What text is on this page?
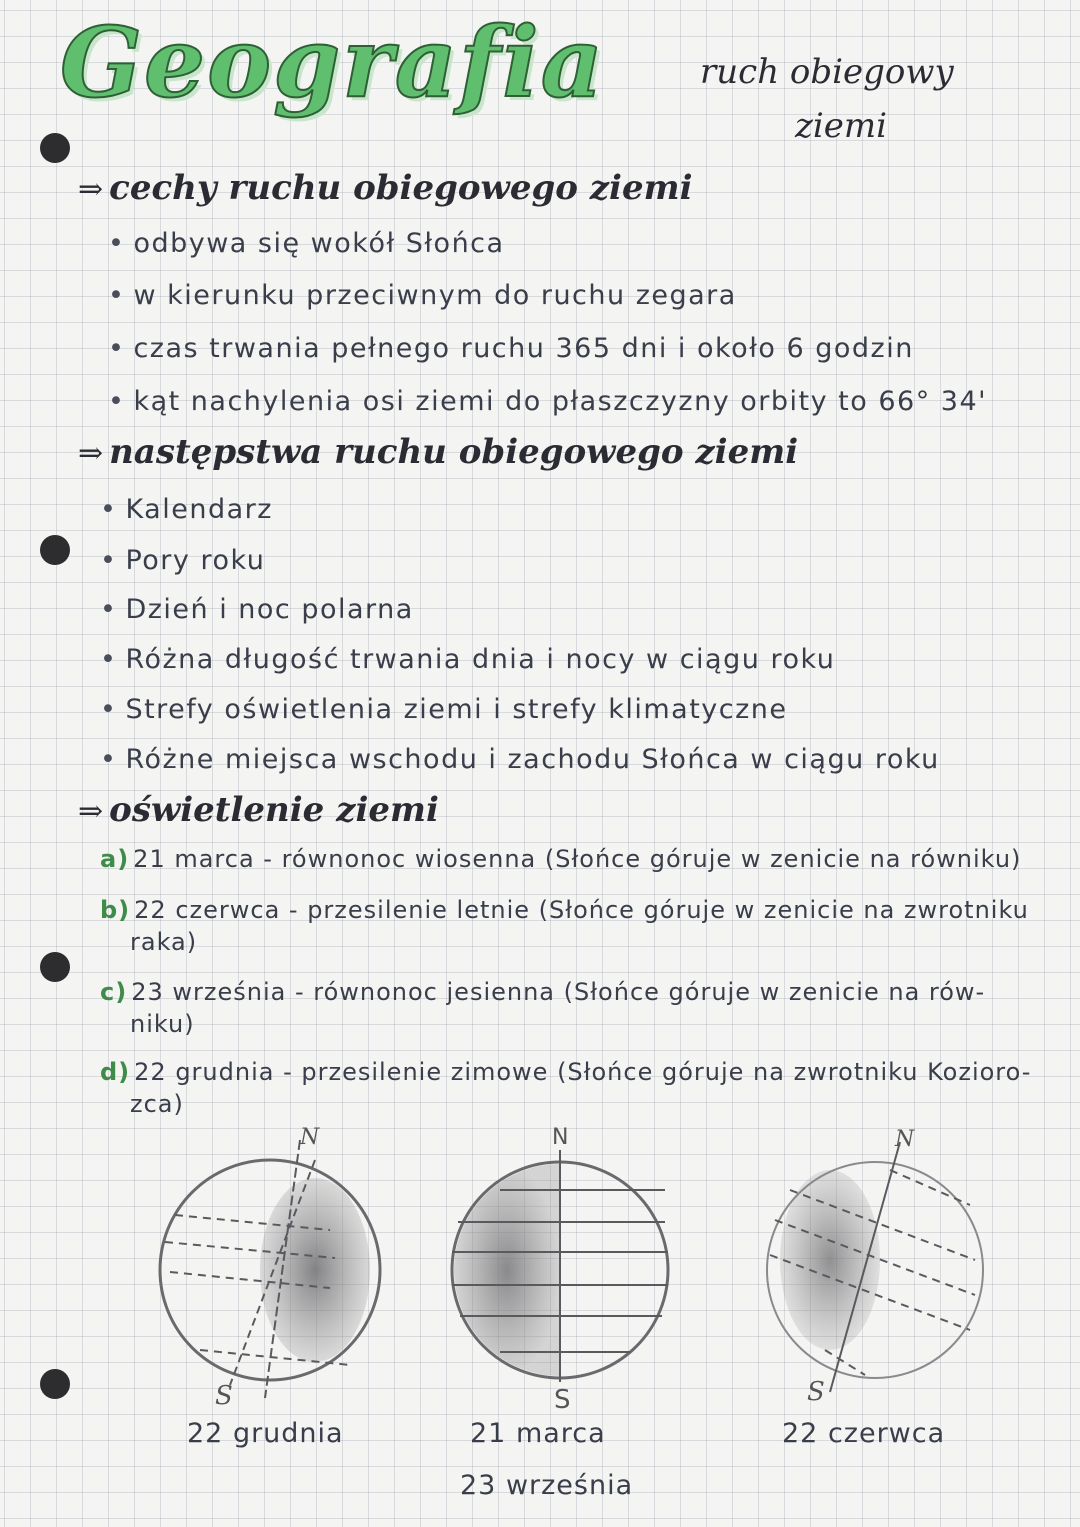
Geografia	ruch obiegowy
ziemi
⇒ cechy ruchu obiegowego ziemi
• odbywa się wokół Słońca
• w kierunku przeciwnym do ruchu zegara
• czas trwania pełnego ruchu 365 dni i około 6 godzin
• kąt nachylenia osi ziemi do płaszczyzny orbity to 66° 34'
⇒ następstwa ruchu obiegowego ziemi
• Kalendarz
• Pory roku
• Dzień i noc polarna
• Różna długość trwania dnia i nocy w ciągu roku
• Strefy oświetlenia ziemi i strefy klimatyczne
• Różne miejsca wschodu i zachodu Słońca w ciągu roku
⇒ oświetlenie ziemi
a) 21 marca - równonoc wiosenna (Słońce góruje w zenicie na równiku)
b) 22 czerwca - przesilenie letnie (Słońce góruje w zenicie na zwrotniku
raka)
c) 23 września - równonoc jesienna (Słońce góruje w zenicie na rów-
niku)
d) 22 grudnia - przesilenie zimowe (Słońce góruje na zwrotniku Kozioro-
zca)
N
S
22 grudnia
N
S
21 marca
23 września
N
S
22 czerwca
